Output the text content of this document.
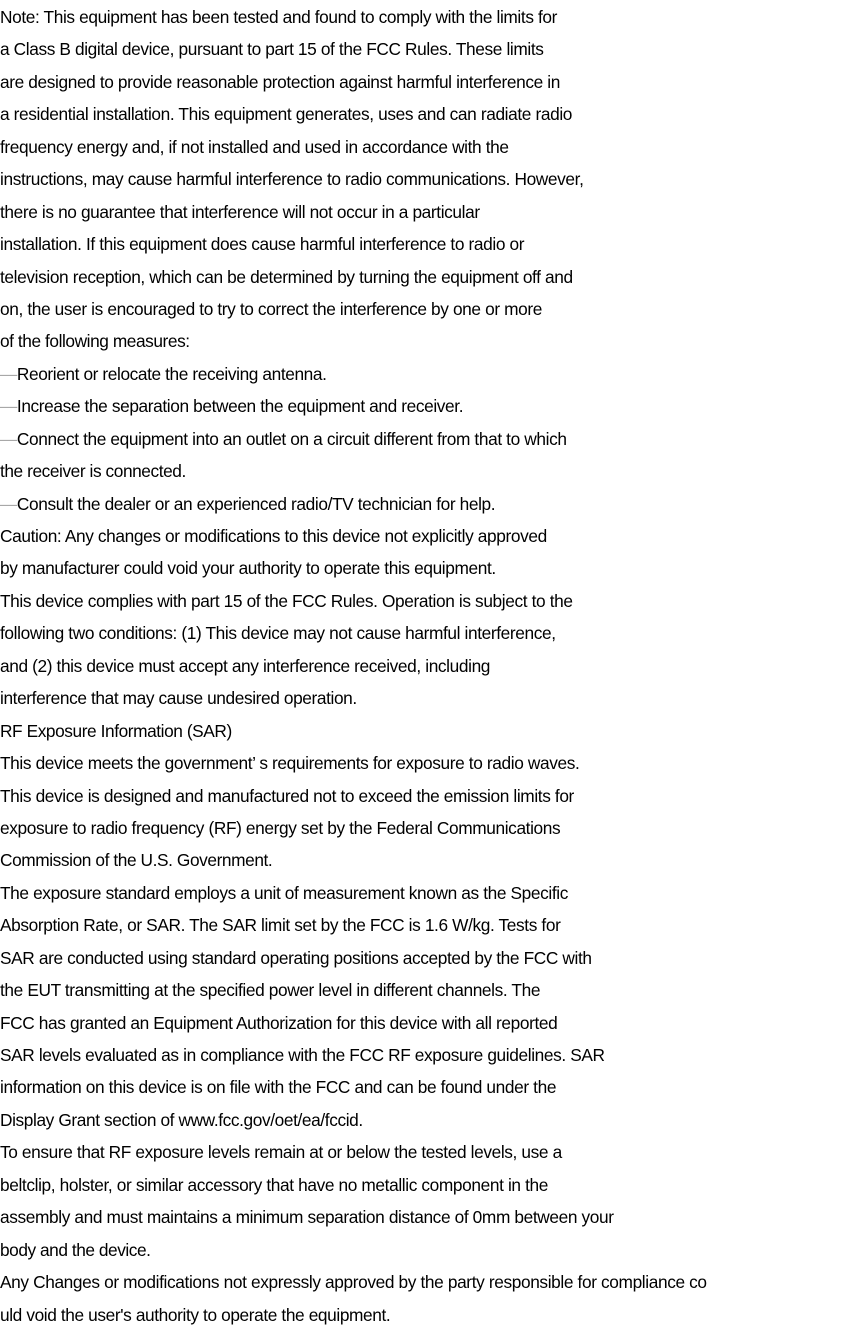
Note: This equipment has been tested and found to comply with the limits for
a Class B digital device, pursuant to part 15 of the FCC Rules. These limits
are designed to provide reasonable protection against harmful interference in
a residential installation. This equipment generates, uses and can radiate radio
frequency energy and, if not installed and used in accordance with the
instructions, may cause harmful interference to radio communications. However,
there is no guarantee that interference will not occur in a particular
installation. If this equipment does cause harmful interference to radio or
television reception, which can be determined by turning the equipment off and
on, the user is encouraged to try to correct the interference by one or more
of the following measures:
—Reorient or relocate the receiving antenna.
—Increase the separation between the equipment and receiver.
—Connect the equipment into an outlet on a circuit different from that to which
the receiver is connected.
—Consult the dealer or an experienced radio/TV technician for help.
Caution: Any changes or modifications to this device not explicitly approved
by manufacturer could void your authority to operate this equipment.
This device complies with part 15 of the FCC Rules. Operation is subject to the
following two conditions: (1) This device may not cause harmful interference,
and (2) this device must accept any interference received, including
interference that may cause undesired operation.
RF Exposure Information (SAR)
This device meets the government’ s requirements for exposure to radio waves.
This device is designed and manufactured not to exceed the emission limits for
exposure to radio frequency (RF) energy set by the Federal Communications
Commission of the U.S. Government.
The exposure standard employs a unit of measurement known as the Specific
Absorption Rate, or SAR. The SAR limit set by the FCC is 1.6 W/kg. Tests for
SAR are conducted using standard operating positions accepted by the FCC with
the EUT transmitting at the specified power level in different channels. The
FCC has granted an Equipment Authorization for this device with all reported
SAR levels evaluated as in compliance with the FCC RF exposure guidelines. SAR
information on this device is on file with the FCC and can be found under the
Display Grant section of www.fcc.gov/oet/ea/fccid.
To ensure that RF exposure levels remain at or below the tested levels, use a
beltclip, holster, or similar accessory that have no metallic component in the
assembly and must maintains a minimum separation distance of 0mm between your
body and the device.
Any Changes or modifications not expressly approved by the party responsible for compliance co
uld void the user's authority to operate the equipment.
